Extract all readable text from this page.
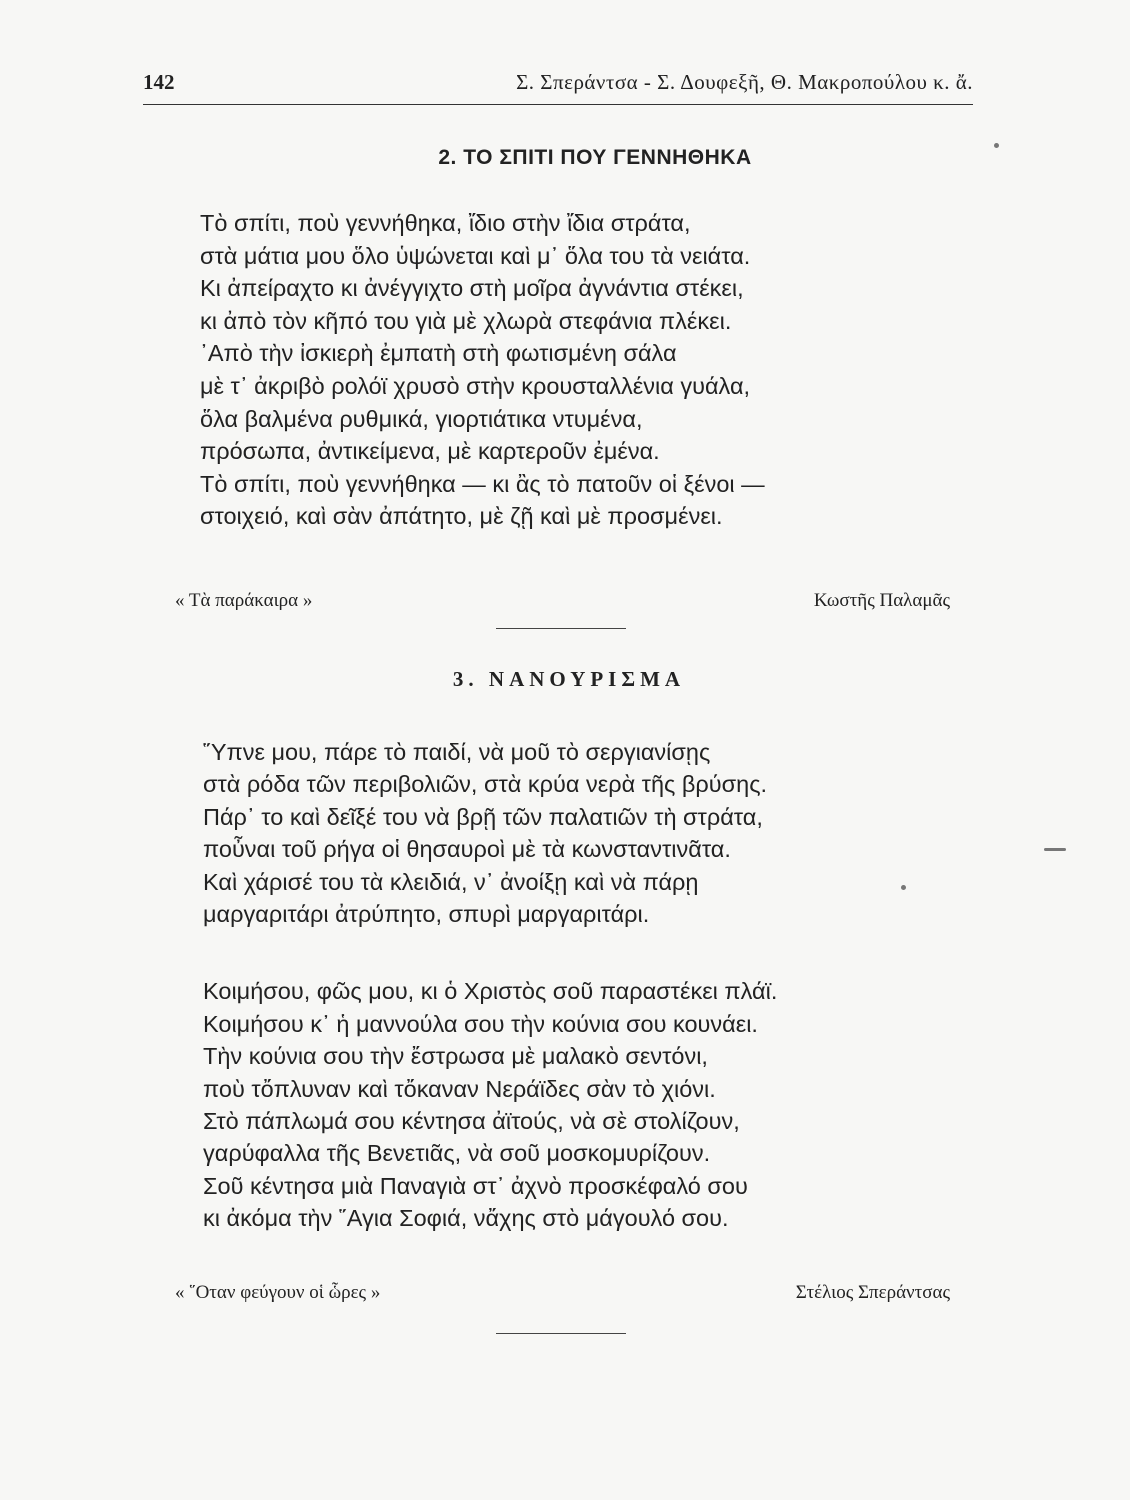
142	Σ. Σπεράντσα - Σ. Δουφεξῆ, Θ. Μακροπούλου κ. ἄ.
2. ΤΟ ΣΠΙΤΙ ΠΟΥ ΓΕΝΝΗΘΗΚΑ
Τὸ σπίτι, ποὺ γεννήθηκα, ἴδιο στὴν ἴδια στράτα,
στὰ μάτια μου ὅλο ὑψώνεται καὶ μ᾽ ὅλα του τὰ νειάτα.
Κι ἀπείραχτο κι ἀνέγγιχτο στὴ μοῖρα ἀγνάντια στέκει,
κι ἀπὸ τὸν κῆπό του γιὰ μὲ χλωρὰ στεφάνια πλέκει.
᾽Απὸ τὴν ἰσκιερὴ ἐμπατὴ στὴ φωτισμένη σάλα
μὲ τ᾽ ἀκριβὸ ρολόϊ χρυσὸ στὴν κρουσταλλένια γυάλα,
ὅλα βαλμένα ρυθμικά, γιορτιάτικα ντυμένα,
πρόσωπα, ἀντικείμενα, μὲ καρτεροῦν ἐμένα.
Τὸ σπίτι, ποὺ γεννήθηκα — κι ἂς τὸ πατοῦν οἱ ξένοι —
στοιχειό, καὶ σὰν ἀπάτητο, μὲ ζῇ καὶ μὲ προσμένει.
« Τὰ παράκαιρα »	Κωστῆς Παλαμᾶς
3. ΝΑΝΟΥΡΙΣΜΑ
῞Υπνε μου, πάρε τὸ παιδί, νὰ μοῦ τὸ σεργιανίσῃς
στὰ ρόδα τῶν περιβολιῶν, στὰ κρύα νερὰ τῆς βρύσης.
Πάρ᾽ το καὶ δεῖξέ του νὰ βρῇ τῶν παλατιῶν τὴ στράτα,
ποὖναι τοῦ ρήγα οἱ θησαυροὶ μὲ τὰ κωνσταντινᾶτα.
Καὶ χάρισέ του τὰ κλειδιά, ν᾽ ἀνοίξῃ καὶ νὰ πάρῃ
μαργαριτάρι ἀτρύπητο, σπυρὶ μαργαριτάρι.
Κοιμήσου, φῶς μου, κι ὁ Χριστὸς σοῦ παραστέκει πλάϊ.
Κοιμήσου κ᾽ ἡ μαννούλα σου τὴν κούνια σου κουνάει.
Τὴν κούνια σου τὴν ἔστρωσα μὲ μαλακὸ σεντόνι,
ποὺ τὄπλυναν καὶ τὄκαναν Νεράϊδες σὰν τὸ χιόνι.
Στὸ πάπλωμά σου κέντησα ἀϊτούς, νὰ σὲ στολίζουν,
γαρύφαλλα τῆς Βενετιᾶς, νὰ σοῦ μοσκομυρίζουν.
Σοῦ κέντησα μιὰ Παναγιὰ στ᾽ ἀχνὸ προσκέφαλό σου
κι ἀκόμα τὴν ῞Αγια Σοφιά, νἄχης στὸ μάγουλό σου.
« ῞Οταν φεύγουν οἱ ὧρες »	Στέλιος Σπεράντσας
